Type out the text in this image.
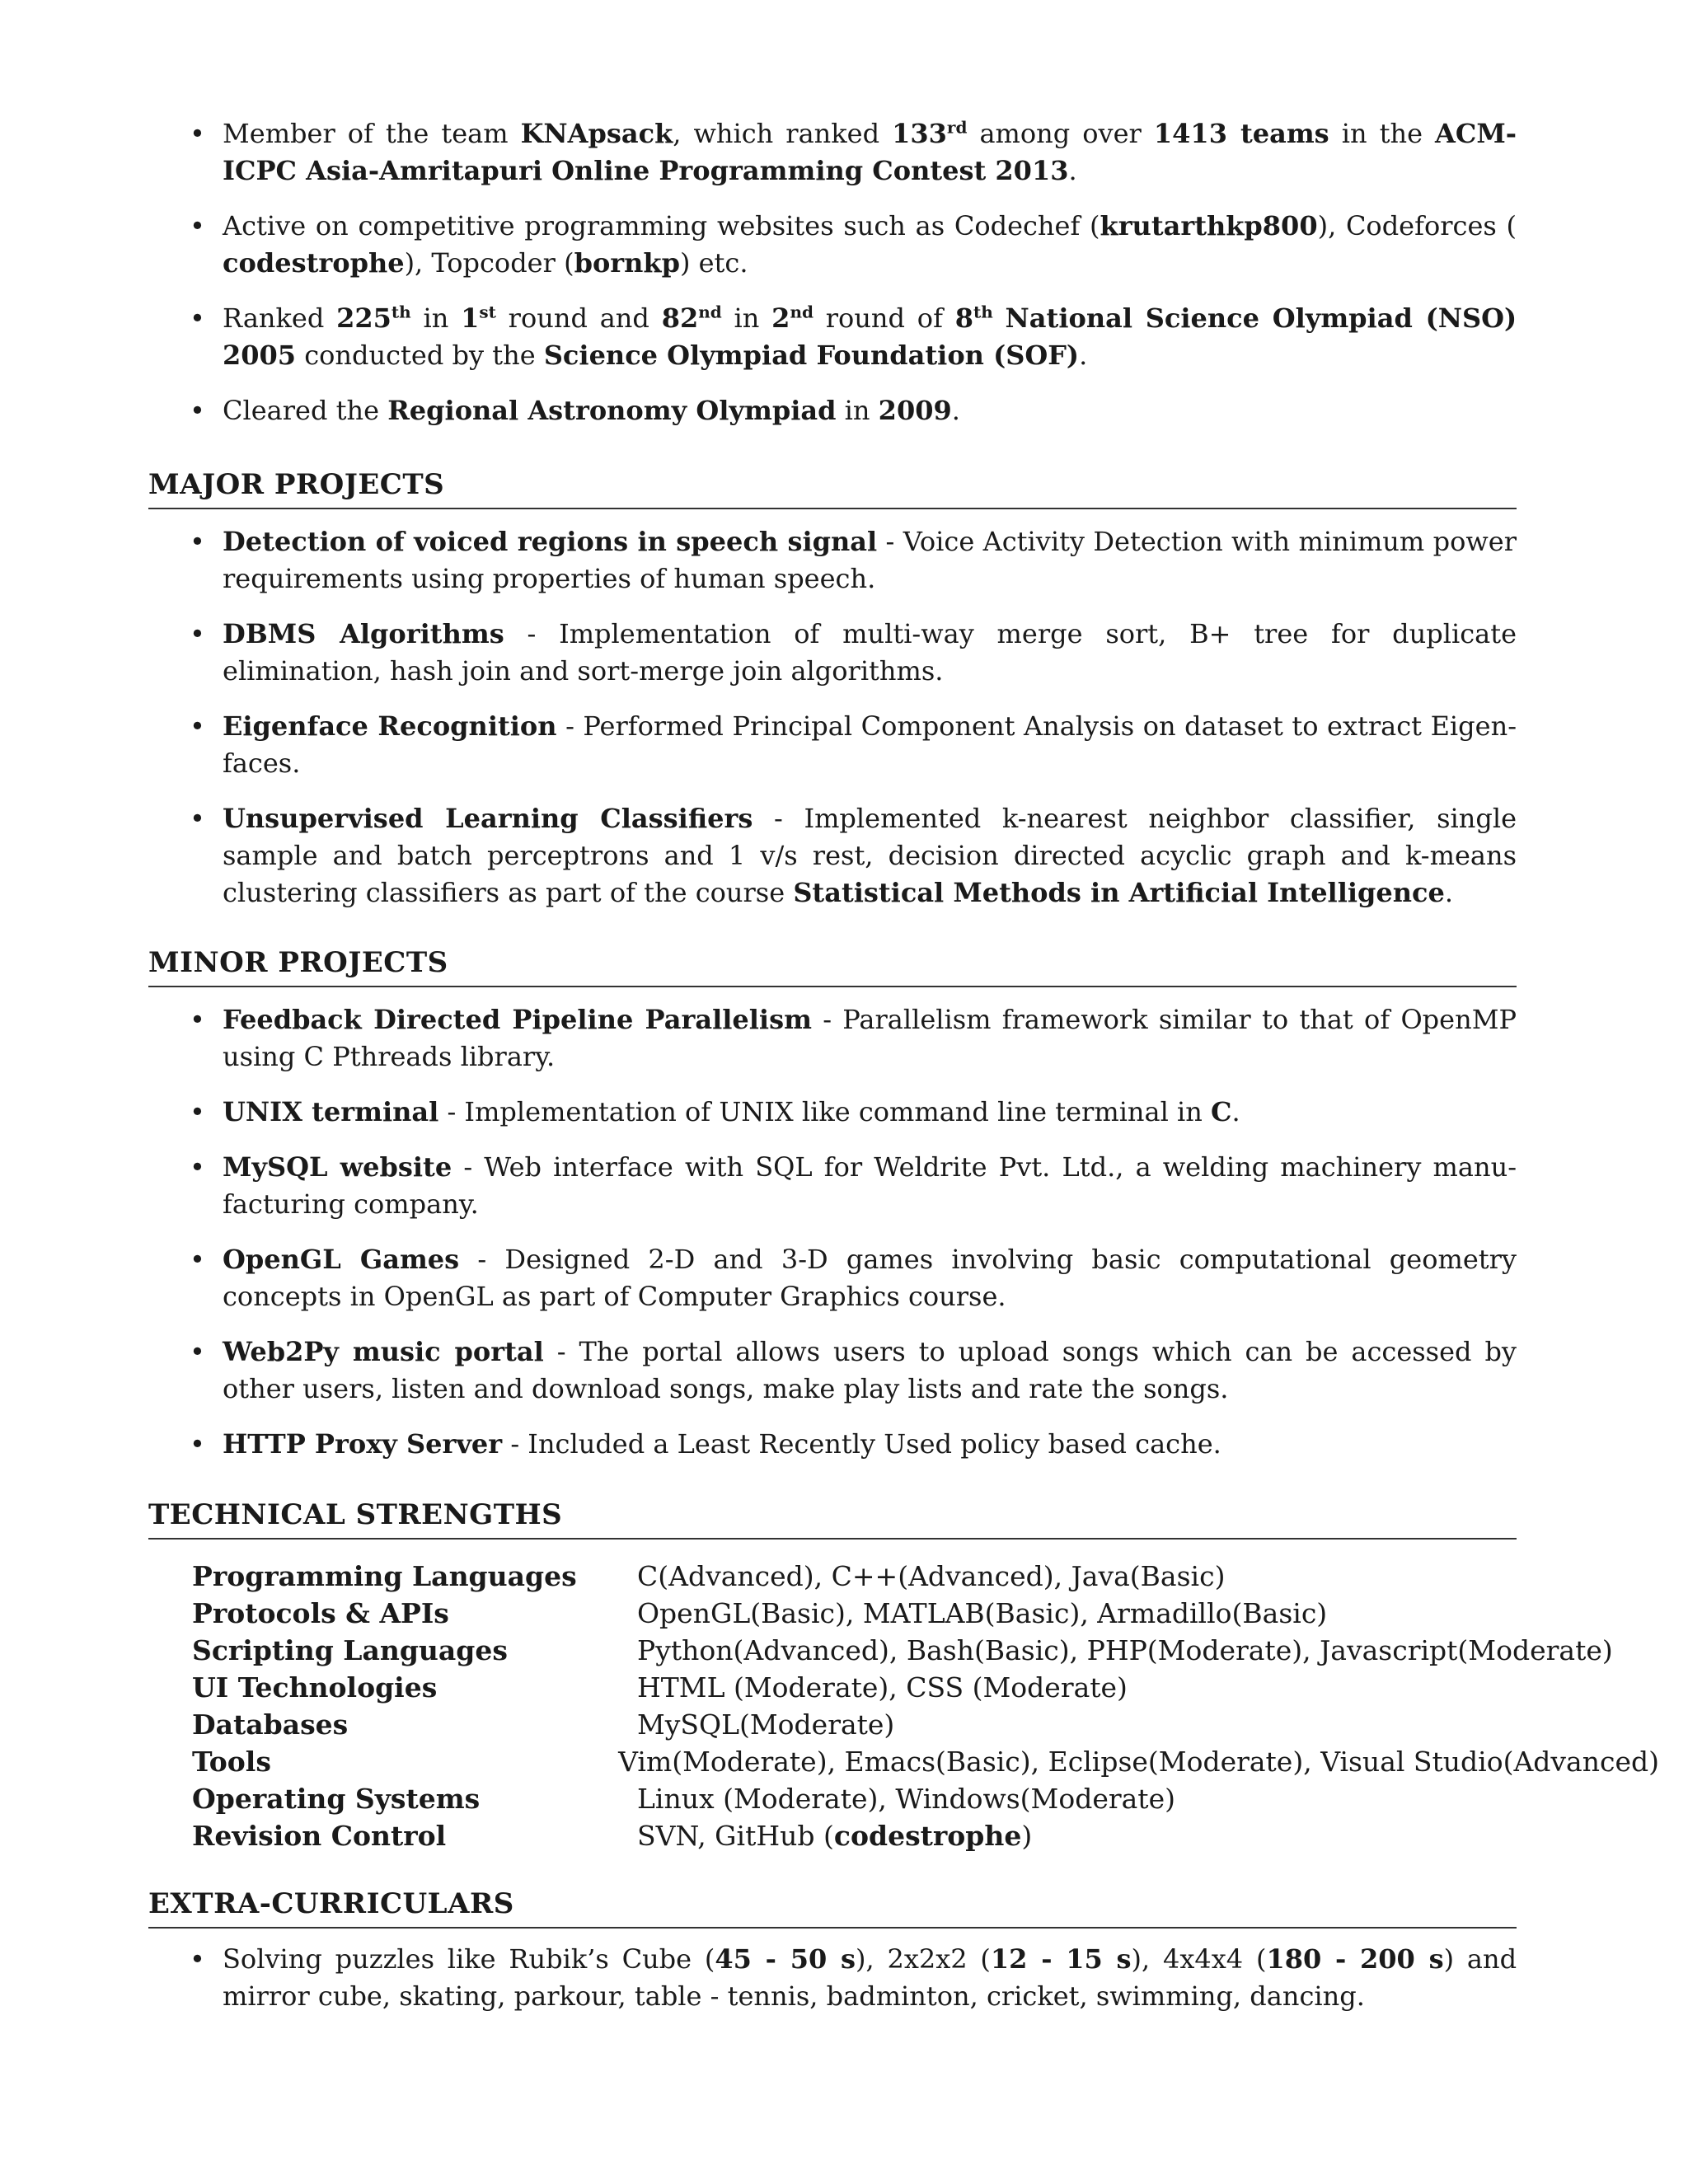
• Member of the team KNApsack, which ranked 133rd among over 1413 teams in the ACM-ICPC Asia-Amritapuri Online Programming Contest 2013.
• Active on competitive programming websites such as Codechef (krutarthkp800), Codeforces ( codestrophe), Topcoder (bornkp) etc.
• Ranked 225th in 1st round and 82nd in 2nd round of 8th National Science Olympiad (NSO) 2005 conducted by the Science Olympiad Foundation (SOF).
• Cleared the Regional Astronomy Olympiad in 2009.
MAJOR PROJECTS
• Detection of voiced regions in speech signal - Voice Activity Detection with minimum power requirements using properties of human speech.
• DBMS Algorithms - Implementation of multi-way merge sort, B+ tree for duplicate elimination, hash join and sort-merge join algorithms.
• Eigenface Recognition - Performed Principal Component Analysis on dataset to extract Eigen-faces.
• Unsupervised Learning Classifiers - Implemented k-nearest neighbor classifier, single sample and batch perceptrons and 1 v/s rest, decision directed acyclic graph and k-means clustering classifiers as part of the course Statistical Methods in Artificial Intelligence.
MINOR PROJECTS
• Feedback Directed Pipeline Parallelism - Parallelism framework similar to that of OpenMP using C Pthreads library.
• UNIX terminal - Implementation of UNIX like command line terminal in C.
• MySQL website - Web interface with SQL for Weldrite Pvt. Ltd., a welding machinery manu-facturing company.
• OpenGL Games - Designed 2-D and 3-D games involving basic computational geometry concepts in OpenGL as part of Computer Graphics course.
• Web2Py music portal - The portal allows users to upload songs which can be accessed by other users, listen and download songs, make play lists and rate the songs.
• HTTP Proxy Server - Included a Least Recently Used policy based cache.
TECHNICAL STRENGTHS
Programming Languages	C(Advanced), C++(Advanced), Java(Basic)
Protocols & APIs	OpenGL(Basic), MATLAB(Basic), Armadillo(Basic)
Scripting Languages	Python(Advanced), Bash(Basic), PHP(Moderate), Javascript(Moderate)
UI Technologies	HTML (Moderate), CSS (Moderate)
Databases	MySQL(Moderate)
Tools	Vim(Moderate), Emacs(Basic), Eclipse(Moderate), Visual Studio(Advanced)
Operating Systems	Linux (Moderate), Windows(Moderate)
Revision Control	SVN, GitHub (codestrophe)
EXTRA-CURRICULARS
• Solving puzzles like Rubik’s Cube (45 - 50 s), 2x2x2 (12 - 15 s), 4x4x4 (180 - 200 s) and mirror cube, skating, parkour, table - tennis, badminton, cricket, swimming, dancing.
